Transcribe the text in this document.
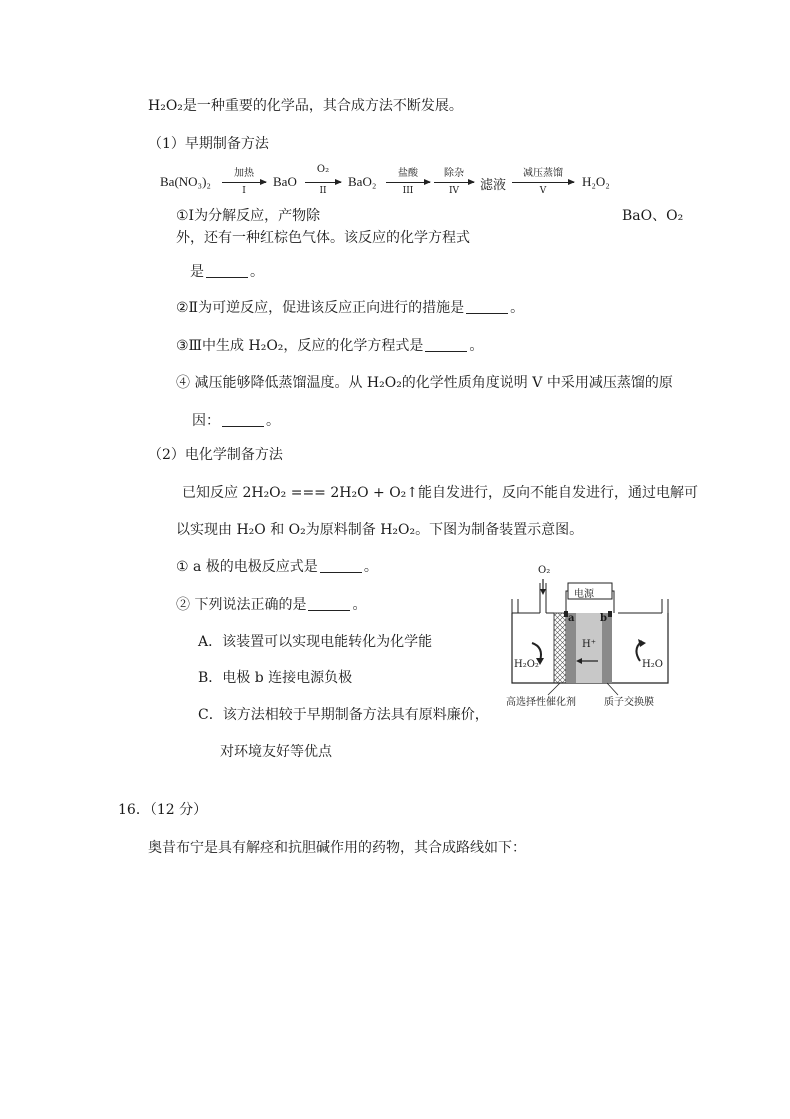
H₂O₂是一种重要的化学品，其合成方法不断发展。
（1）早期制备方法
Ba(NO₃)₂
加热
I
BaO
O₂
II
BaO₂
盐酸
III
除杂
IV	滤液
减压蒸馏
V
H₂O₂
①Ⅰ为分解反应，产物除	BaO、O₂
外，还有一种红棕色气体。该反应的化学方程式
是	。
②Ⅱ为可逆反应，促进该反应正向进行的措施是	。
③Ⅲ中生成 H₂O₂，反应的化学方程式是	。
④ 减压能够降低蒸馏温度。从 H₂O₂的化学性质角度说明 V 中采用减压蒸馏的原
因：	。
（2）电化学制备方法
已知反应 2H₂O₂ === 2H₂O + O₂↑能自发进行，反向不能自发进行，通过电解可
以实现由 H₂O 和 O₂为原料制备 H₂O₂。下图为制备装置示意图。
① a 极的电极反应式是	。
② 下列说法正确的是	。
A．该装置可以实现电能转化为化学能
B．电极 b 连接电源负极
C．该方法相较于早期制备方法具有原料廉价，
对环境友好等优点
O₂
电源
a	b
H⁺
H₂O₂	H₂O
高选择性催化剂	质子交换膜
16．（12 分）
奥昔布宁是具有解痉和抗胆碱作用的药物，其合成路线如下：
